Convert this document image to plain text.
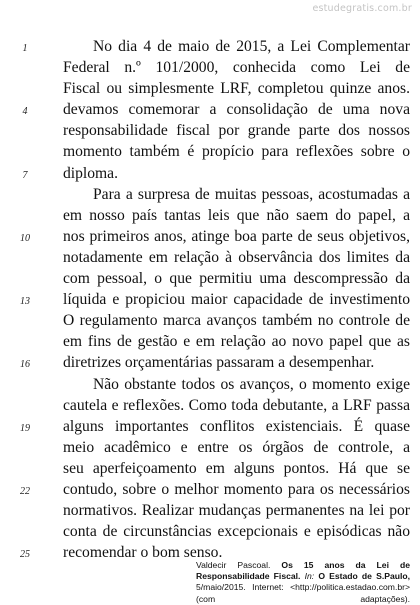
estudegratis.com.br
1	No dia 4 de maio de 2015, a Lei Complementar
Federal n.º 101/2000, conhecida como Lei de
Fiscal ou simplesmente LRF, completou quinze anos.
4 devamos comemorar a consolidação de uma nova
responsabilidade fiscal por grande parte dos nossos
momento também é propício para reflexões sobre o
7 diploma.
Para a surpresa de muitas pessoas, acostumadas a
em nosso país tantas leis que não saem do papel, a
10 nos primeiros anos, atinge boa parte de seus objetivos,
notadamente em relação à observância dos limites da
com pessoal, o que permitiu uma descompressão da
13 líquida e propiciou maior capacidade de investimento
O regulamento marca avanços também no controle de
em fins de gestão e em relação ao novo papel que as
16 diretrizes orçamentárias passaram a desempenhar.
Não obstante todos os avanços, o momento exige
cautela e reflexões. Como toda debutante, a LRF passa
19 alguns importantes conflitos existenciais. É quase
meio acadêmico e entre os órgãos de controle, a
seu aperfeiçoamento em alguns pontos. Há que se
22 contudo, sobre o melhor momento para os necessários
normativos. Realizar mudanças permanentes na lei por
conta de circunstâncias excepcionais e episódicas não
25 recomendar o bom senso.
Valdecir Pascoal. Os 15 anos da Lei de Responsabilidade Fiscal. In: O Estado de S.Paulo, 5/maio/2015. Internet: <http://politica.estadao.com.br> (com adaptações).
